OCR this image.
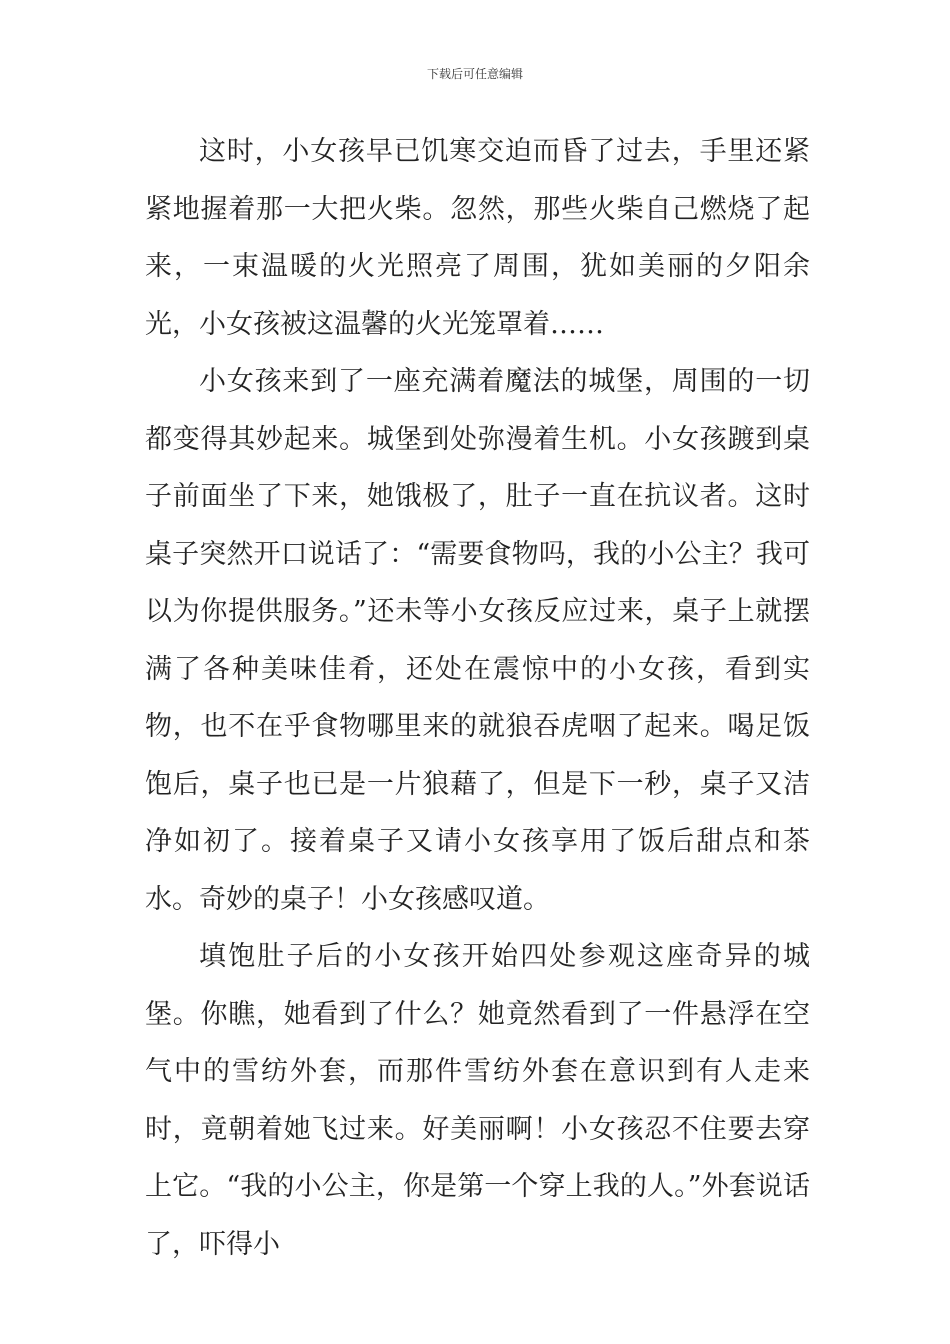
下载后可任意编辑

这时，小女孩早已饥寒交迫而昏了过去，手里还紧紧地握着那一大把火柴。忽然，那些火柴自己燃烧了起来，一束温暖的火光照亮了周围，犹如美丽的夕阳余光，小女孩被这温馨的火光笼罩着……

小女孩来到了一座充满着魔法的城堡，周围的一切都变得其妙起来。城堡到处弥漫着生机。小女孩踱到桌子前面坐了下来，她饿极了，肚子一直在抗议者。这时桌子突然开口说话了：“需要食物吗，我的小公主？我可以为你提供服务。”还未等小女孩反应过来，桌子上就摆满了各种美味佳肴，还处在震惊中的小女孩，看到实物，也不在乎食物哪里来的就狼吞虎咽了起来。喝足饭饱后，桌子也已是一片狼藉了，但是下一秒，桌子又洁净如初了。接着桌子又请小女孩享用了饭后甜点和茶水。奇妙的桌子！小女孩感叹道。

填饱肚子后的小女孩开始四处参观这座奇异的城堡。你瞧，她看到了什么？她竟然看到了一件悬浮在空气中的雪纺外套，而那件雪纺外套在意识到有人走来时，竟朝着她飞过来。好美丽啊！小女孩忍不住要去穿上它。“我的小公主，你是第一个穿上我的人。”外套说话了，吓得小
